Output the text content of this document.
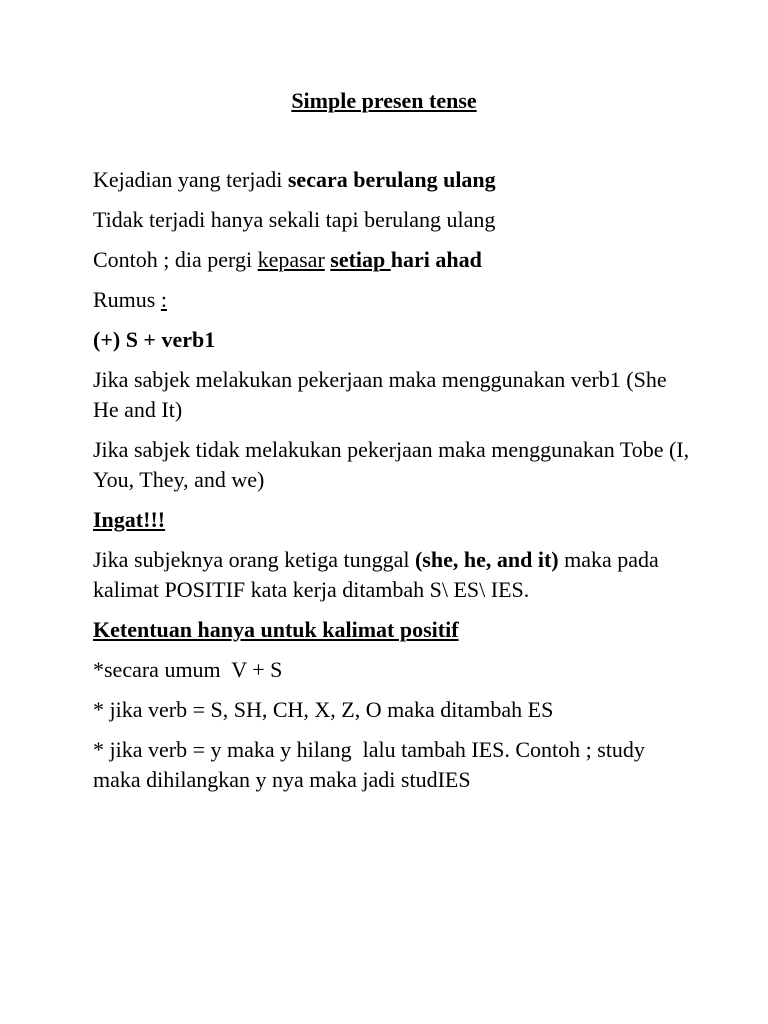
Simple presen tense

Kejadian yang terjadi secara berulang ulang

Tidak terjadi hanya sekali tapi berulang ulang

Contoh ; dia pergi kepasar setiap hari ahad

Rumus :

(+) S + verb1

Jika sabjek melakukan pekerjaan maka menggunakan verb1 (She He and It)

Jika sabjek tidak melakukan pekerjaan maka menggunakan Tobe (I, You, They, and we)

Ingat!!!

Jika subjeknya orang ketiga tunggal (she, he, and it) maka pada kalimat POSITIF kata kerja ditambah S\ ES\ IES.

Ketentuan hanya untuk kalimat positif

*secara umum  V + S

* jika verb = S, SH, CH, X, Z, O maka ditambah ES

* jika verb = y maka y hilang  lalu tambah IES. Contoh ; study maka dihilangkan y nya maka jadi studIES
